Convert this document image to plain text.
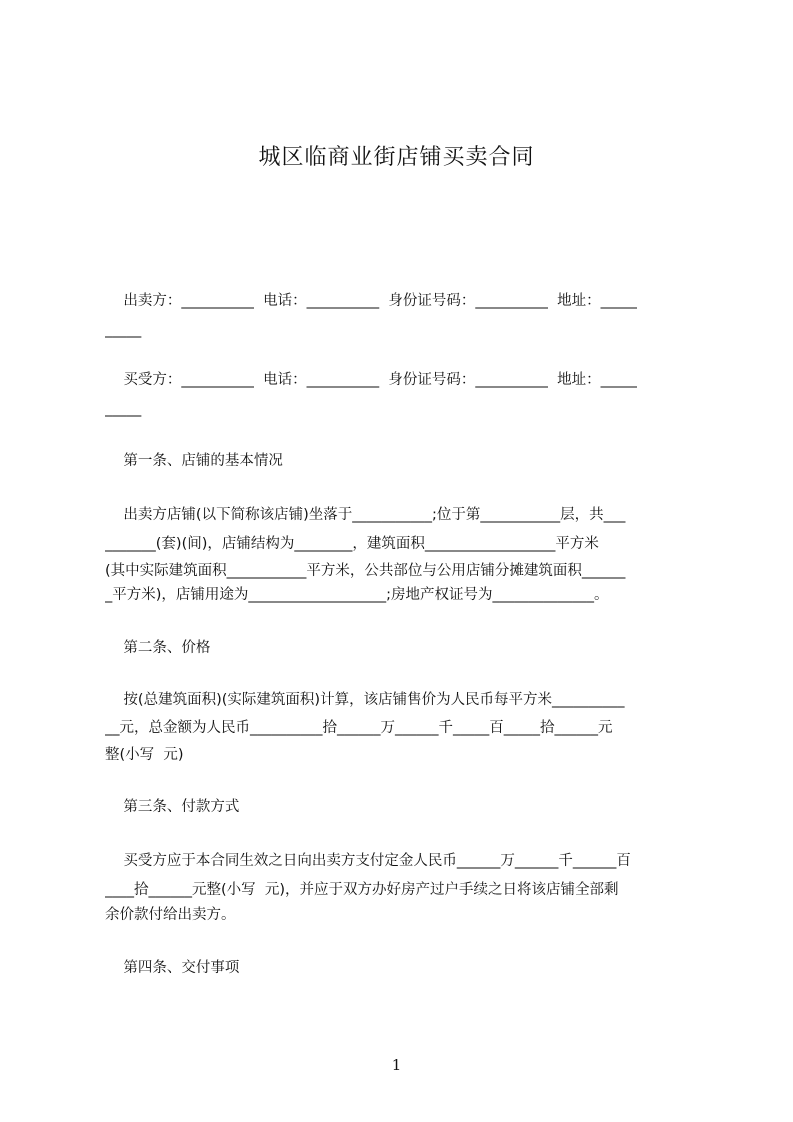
城区临商业街店铺买卖合同
出卖方：__________  电话：__________  身份证号码：__________  地址：_____
_____
买受方：__________  电话：__________  身份证号码：__________  地址：_____
_____
第一条、店铺的基本情况
出卖方店铺(以下简称该店铺)坐落于___________;位于第___________层，共___
_______(套)(间)，店铺结构为________，建筑面积__________________平方米
(其中实际建筑面积___________平方米，公共部位与公用店铺分摊建筑面积______
_平方米)，店铺用途为___________________;房地产权证号为______________。
第二条、价格
按(总建筑面积)(实际建筑面积)计算，该店铺售价为人民币每平方米__________
__元，总金额为人民币__________拾______万______千_____百_____拾______元
整(小写  元)
第三条、付款方式
买受方应于本合同生效之日向出卖方支付定金人民币______万______千______百
____拾______元整(小写  元)，并应于双方办好房产过户手续之日将该店铺全部剩
余价款付给出卖方。
第四条、交付事项
1
